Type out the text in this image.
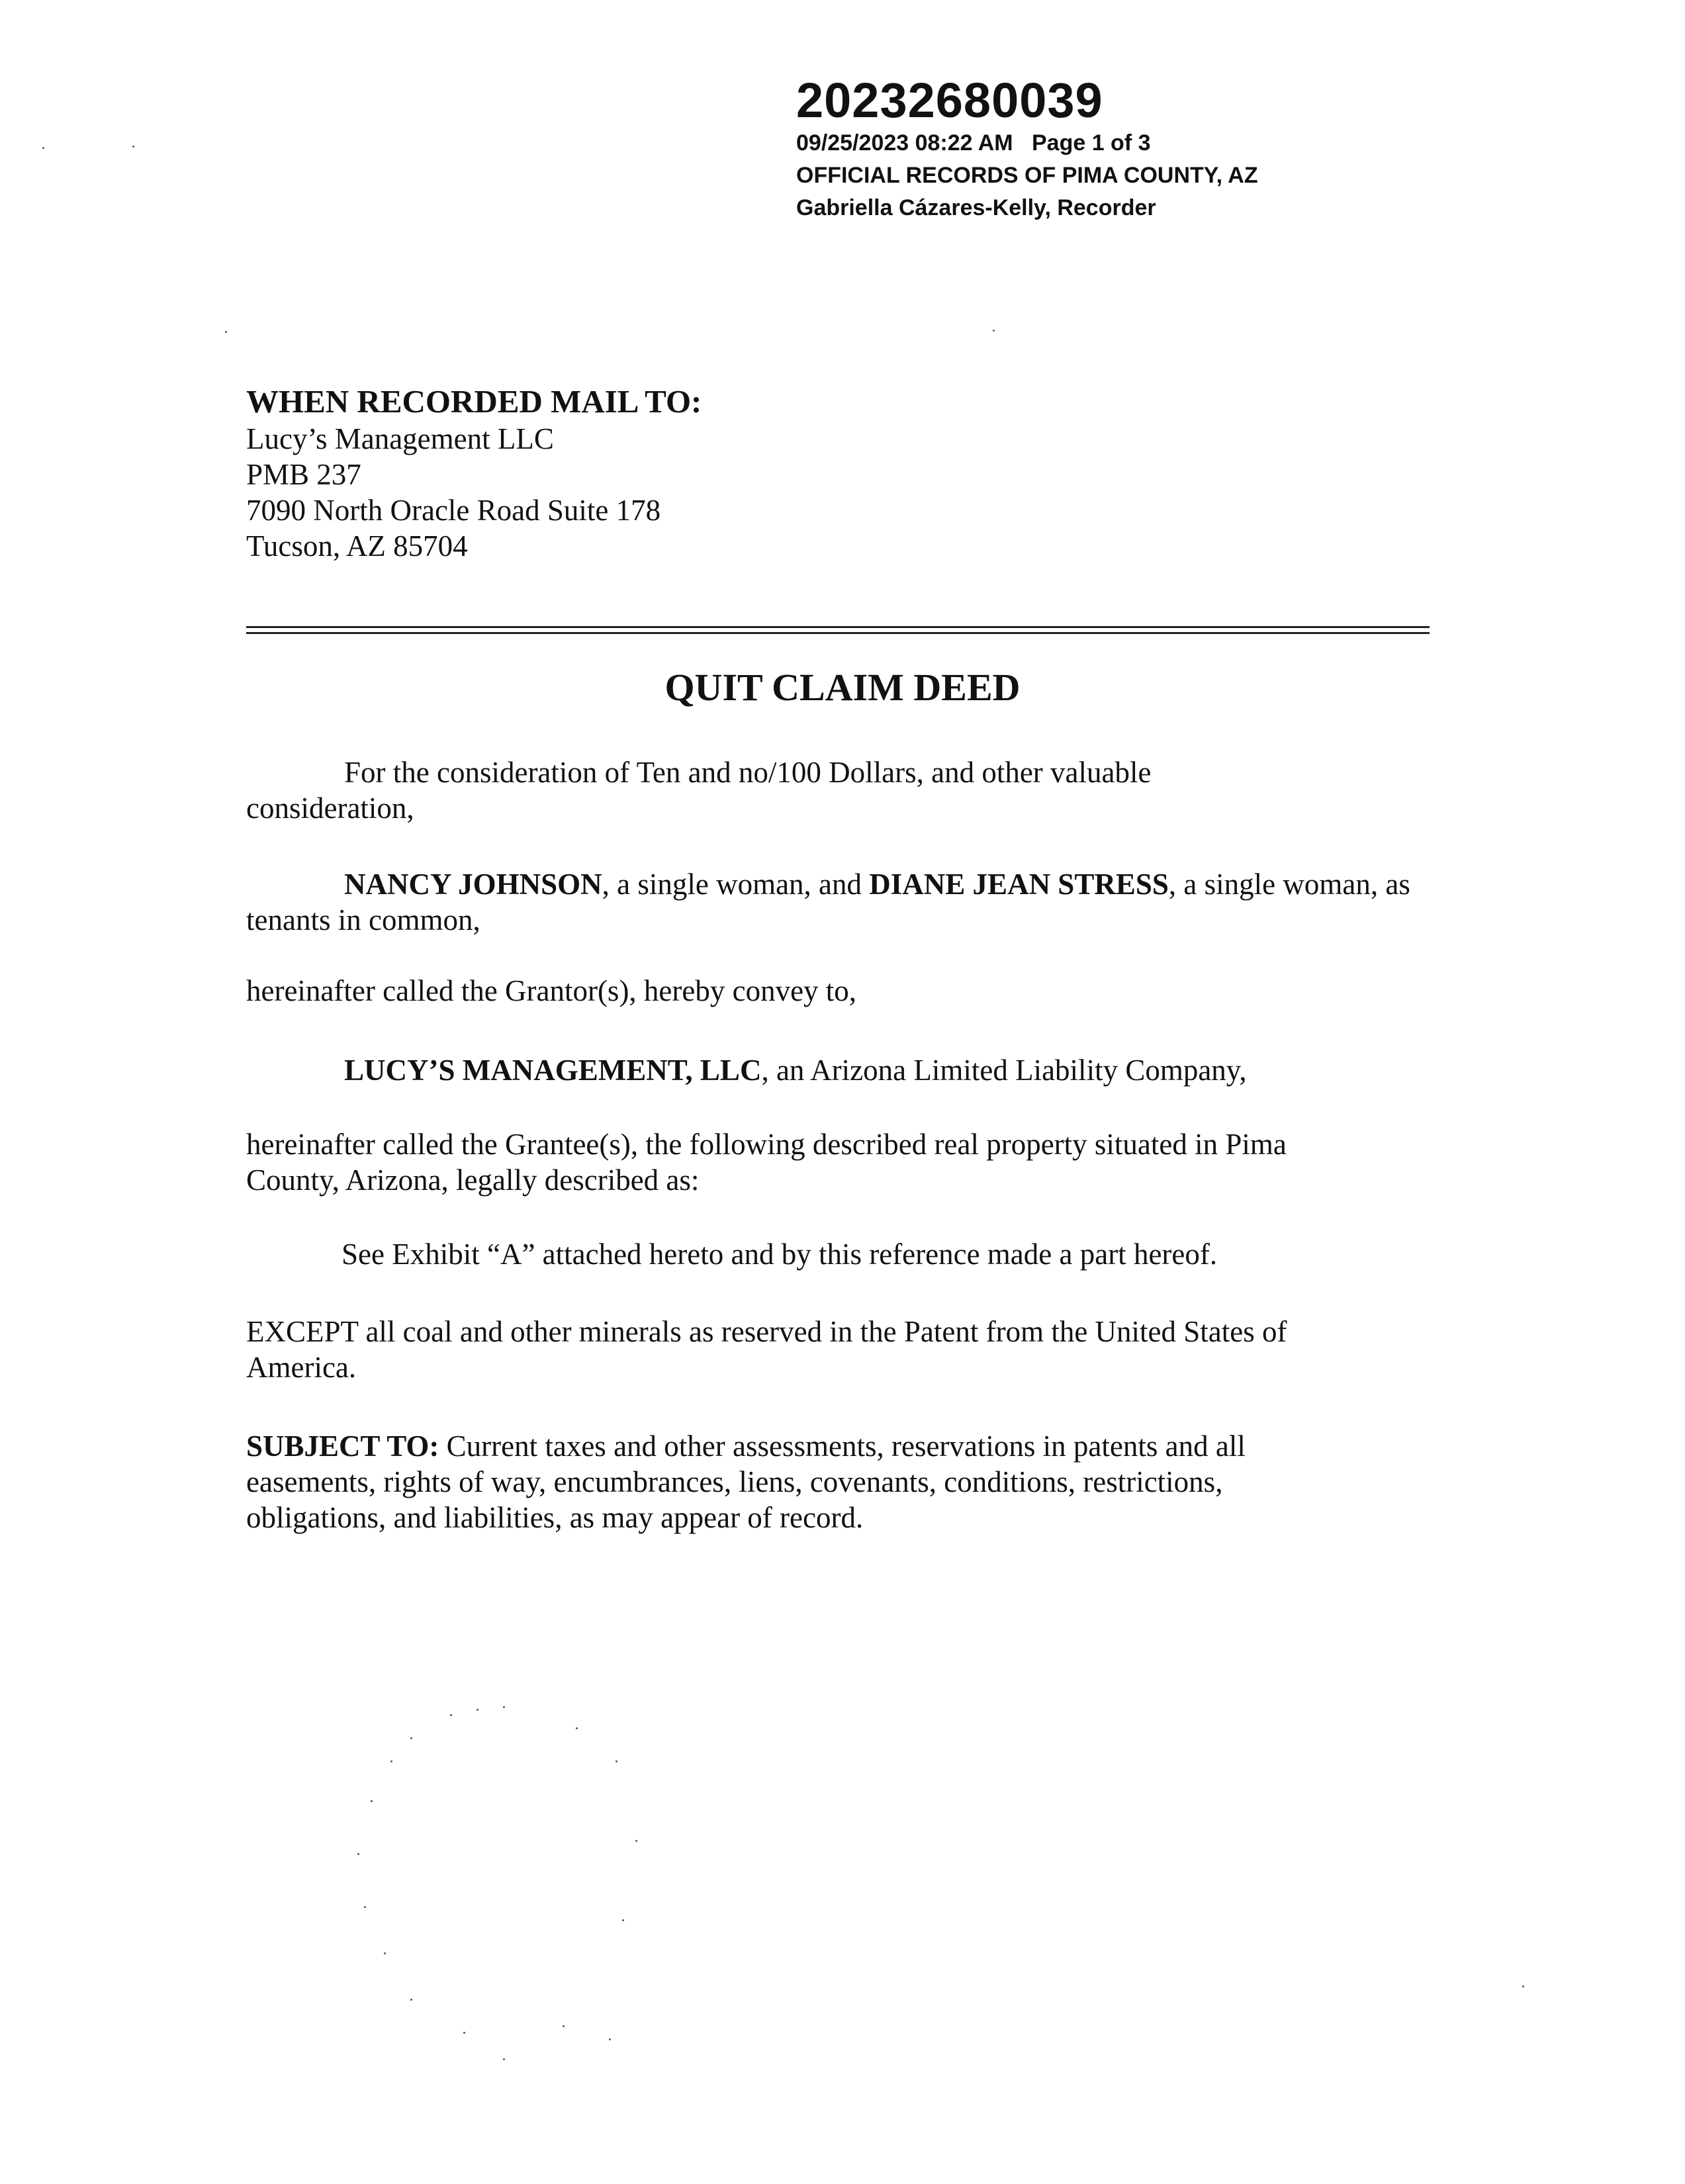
20232680039
09/25/2023 08:22 AM Page 1 of 3
OFFICIAL RECORDS OF PIMA COUNTY, AZ
Gabriella Cázares-Kelly, Recorder
WHEN RECORDED MAIL TO:
Lucy’s Management LLC
PMB 237
7090 North Oracle Road Suite 178
Tucson, AZ 85704
QUIT CLAIM DEED
For the consideration of Ten and no/100 Dollars, and other valuable
consideration,
NANCY JOHNSON, a single woman, and DIANE JEAN STRESS, a single woman, as
tenants in common,
hereinafter called the Grantor(s), hereby convey to,
LUCY’S MANAGEMENT, LLC, an Arizona Limited Liability Company,
hereinafter called the Grantee(s), the following described real property situated in Pima
County, Arizona, legally described as:
See Exhibit “A” attached hereto and by this reference made a part hereof.
EXCEPT all coal and other minerals as reserved in the Patent from the United States of
America.
SUBJECT TO: Current taxes and other assessments, reservations in patents and all
easements, rights of way, encumbrances, liens, covenants, conditions, restrictions,
obligations, and liabilities, as may appear of record.
